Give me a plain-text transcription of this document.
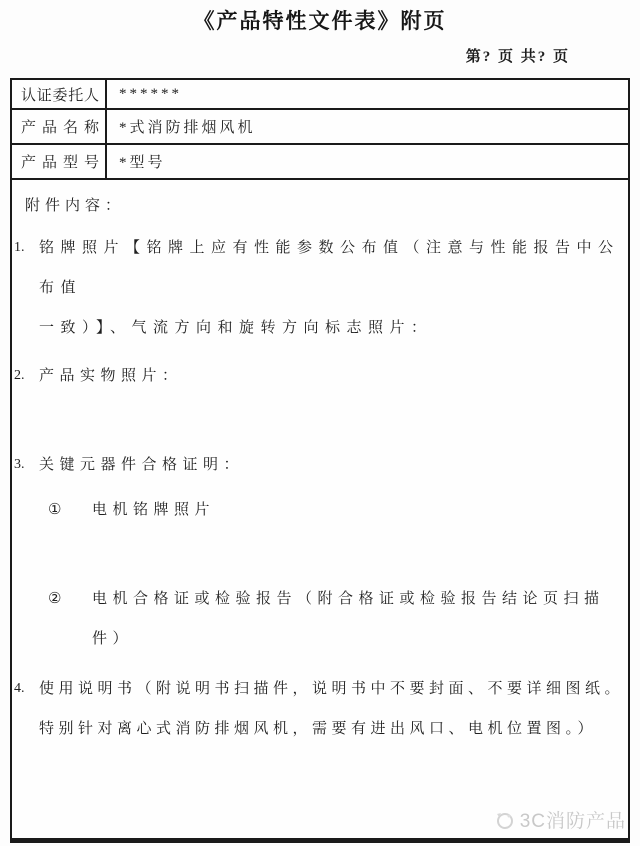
《产品特性文件表》附页
第? 页 共? 页
认证委托人	******
产品名称	*式消防排烟风机
产品型号	*型号
附件内容：
1. 铭牌照片【铭牌上应有性能参数公布值（注意与性能报告中公布值
一致）】、气流方向和旋转方向标志照片：
2. 产品实物照片：
3. 关键元器件合格证明：
①	电机铭牌照片
②	电机合格证或检验报告（附合格证或检验报告结论页扫描件）
4. 使用说明书（附说明书扫描件，说明书中不要封面、不要详细图纸。
特别针对离心式消防排烟风机，需要有进出风口、电机位置图。）
3C消防产品
